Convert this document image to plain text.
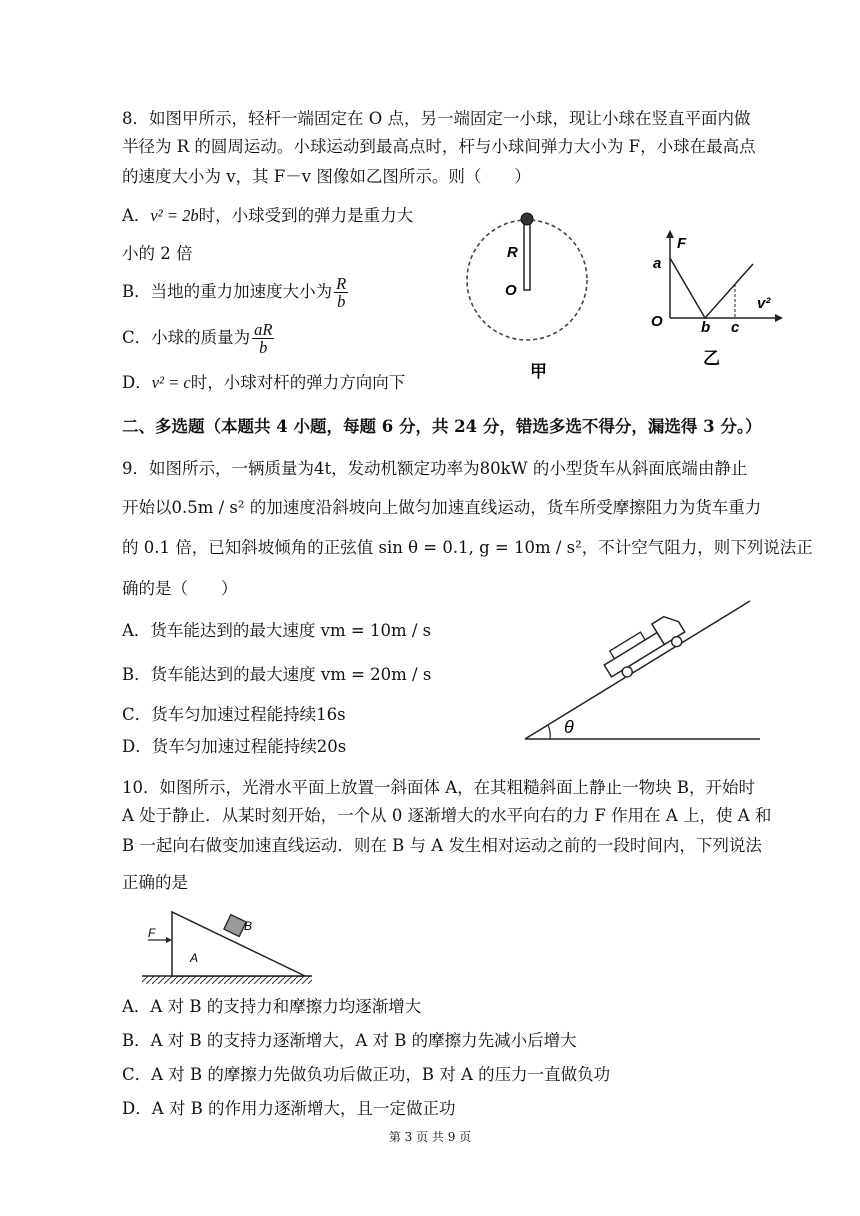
8．如图甲所示，轻杆一端固定在 O 点，另一端固定一小球，现让小球在竖直平面内做
半径为 R 的圆周运动。小球运动到最高点时，杆与小球间弹力大小为 F，小球在最高点
的速度大小为 v，其 F－v 图像如乙图所示。则（　　）
A．v² = 2b时，小球受到的弹力是重力大
小的 2 倍
B．当地的重力加速度大小为 $\frac{R}{b}$
C．小球的质量为 $\frac{aR}{b}$
D．v² = c时，小球对杆的弹力方向向下
R
O
甲
F
a
O	b c
v²
乙
二、多选题（本题共 4 小题，每题 6 分，共 24 分，错选多选不得分，漏选得 3 分。）
9．如图所示，一辆质量为4t，发动机额定功率为80kW 的小型货车从斜面底端由静止
开始以0.5m / s² 的加速度沿斜坡向上做匀加速直线运动，货车所受摩擦阻力为货车重力
的 0.1 倍，已知斜坡倾角的正弦值 sin θ = 0.1, g = 10m / s²，不计空气阻力，则下列说法正
确的是（　　）
A．货车能达到的最大速度 vm = 10m / s
B．货车能达到的最大速度 vm = 20m / s
C．货车匀加速过程能持续16s
D．货车匀加速过程能持续20s
θ
10．如图所示，光滑水平面上放置一斜面体 A，在其粗糙斜面上静止一物块 B，开始时
A 处于静止．从某时刻开始，一个从 0 逐渐增大的水平向右的力 F 作用在 A 上，使 A 和
B 一起向右做变加速直线运动．则在 B 与 A 发生相对运动之前的一段时间内，下列说法
正确的是
F
A
B
A．A 对 B 的支持力和摩擦力均逐渐增大
B．A 对 B 的支持力逐渐增大，A 对 B 的摩擦力先减小后增大
C．A 对 B 的摩擦力先做负功后做正功，B 对 A 的压力一直做负功
D．A 对 B 的作用力逐渐增大，且一定做正功
第 3 页 共 9 页
